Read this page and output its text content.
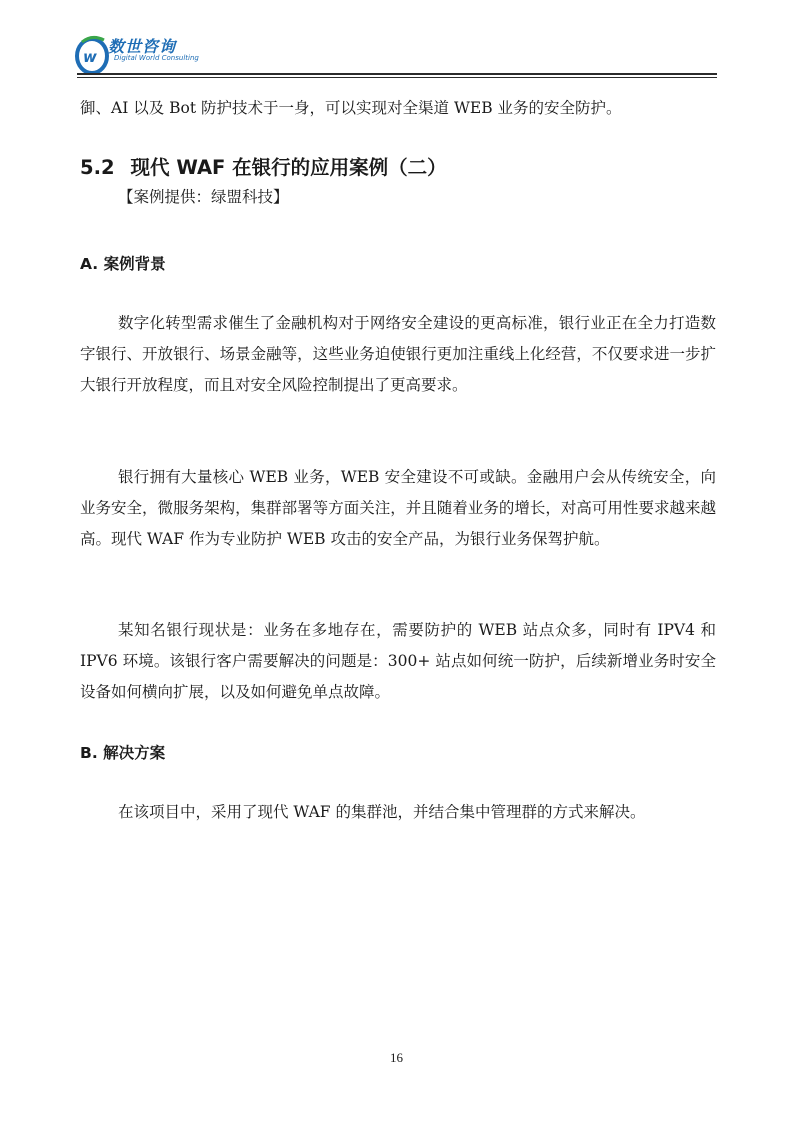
w
数世咨询
Digital World Consulting

御、AI 以及 Bot 防护技术于一身，可以实现对全渠道 WEB 业务的安全防护。

5.2 现代 WAF 在银行的应用案例（二）
【案例提供：绿盟科技】
A. 案例背景

数字化转型需求催生了金融机构对于网络安全建设的更高标准，银行业正在全力打造数字银行、开放银行、场景金融等，这些业务迫使银行更加注重线上化经营，不仅要求进一步扩大银行开放程度，而且对安全风险控制提出了更高要求。

银行拥有大量核心 WEB 业务，WEB 安全建设不可或缺。金融用户会从传统安全，向业务安全，微服务架构，集群部署等方面关注，并且随着业务的增长，对高可用性要求越来越高。现代 WAF 作为专业防护 WEB 攻击的安全产品，为银行业务保驾护航。

某知名银行现状是：业务在多地存在，需要防护的 WEB 站点众多，同时有 IPV4 和 IPV6 环境。该银行客户需要解决的问题是：300+ 站点如何统一防护，后续新增业务时安全设备如何横向扩展，以及如何避免单点故障。

B. 解决方案

在该项目中，采用了现代 WAF 的集群池，并结合集中管理群的方式来解决。

16
